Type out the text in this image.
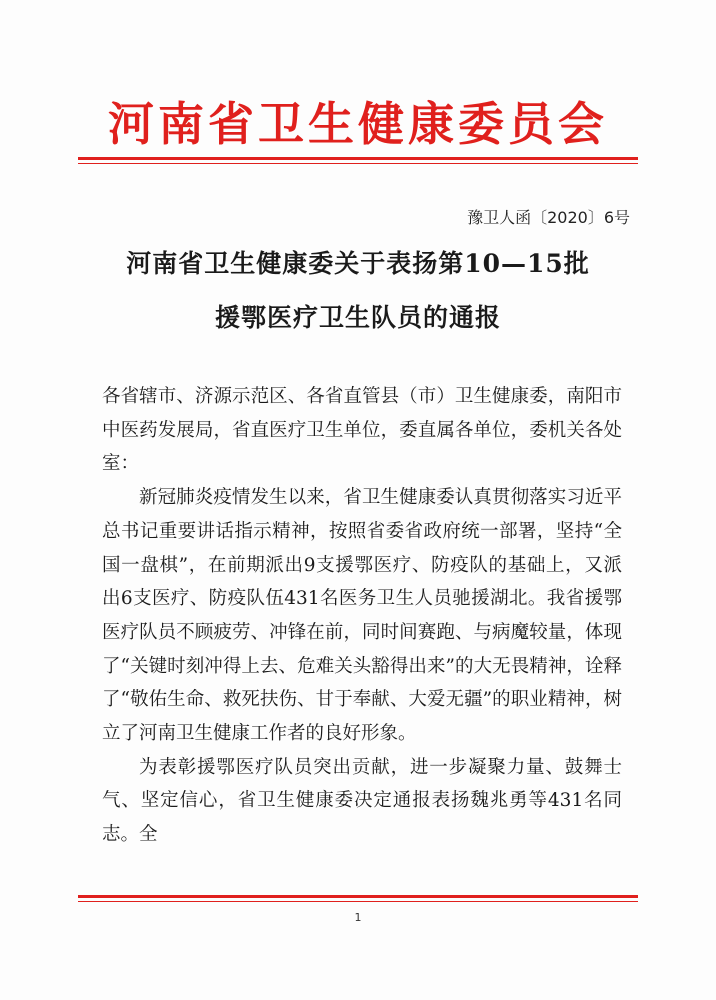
河南省卫生健康委员会
豫卫人函〔2020〕6号
河南省卫生健康委关于表扬第10—15批
援鄂医疗卫生队员的通报

各省辖市、济源示范区、各省直管县（市）卫生健康委，南阳市中医药发展局，省直医疗卫生单位，委直属各单位，委机关各处室：

新冠肺炎疫情发生以来，省卫生健康委认真贯彻落实习近平总书记重要讲话指示精神，按照省委省政府统一部署，坚持“全国一盘棋”，在前期派出9支援鄂医疗、防疫队的基础上，又派出6支医疗、防疫队伍431名医务卫生人员驰援湖北。我省援鄂医疗队员不顾疲劳、冲锋在前，同时间赛跑、与病魔较量，体现了“关键时刻冲得上去、危难关头豁得出来”的大无畏精神，诠释了“敬佑生命、救死扶伤、甘于奉献、大爱无疆”的职业精神，树立了河南卫生健康工作者的良好形象。

为表彰援鄂医疗队员突出贡献，进一步凝聚力量、鼓舞士气、坚定信心，省卫生健康委决定通报表扬魏兆勇等431名同志。全

1
